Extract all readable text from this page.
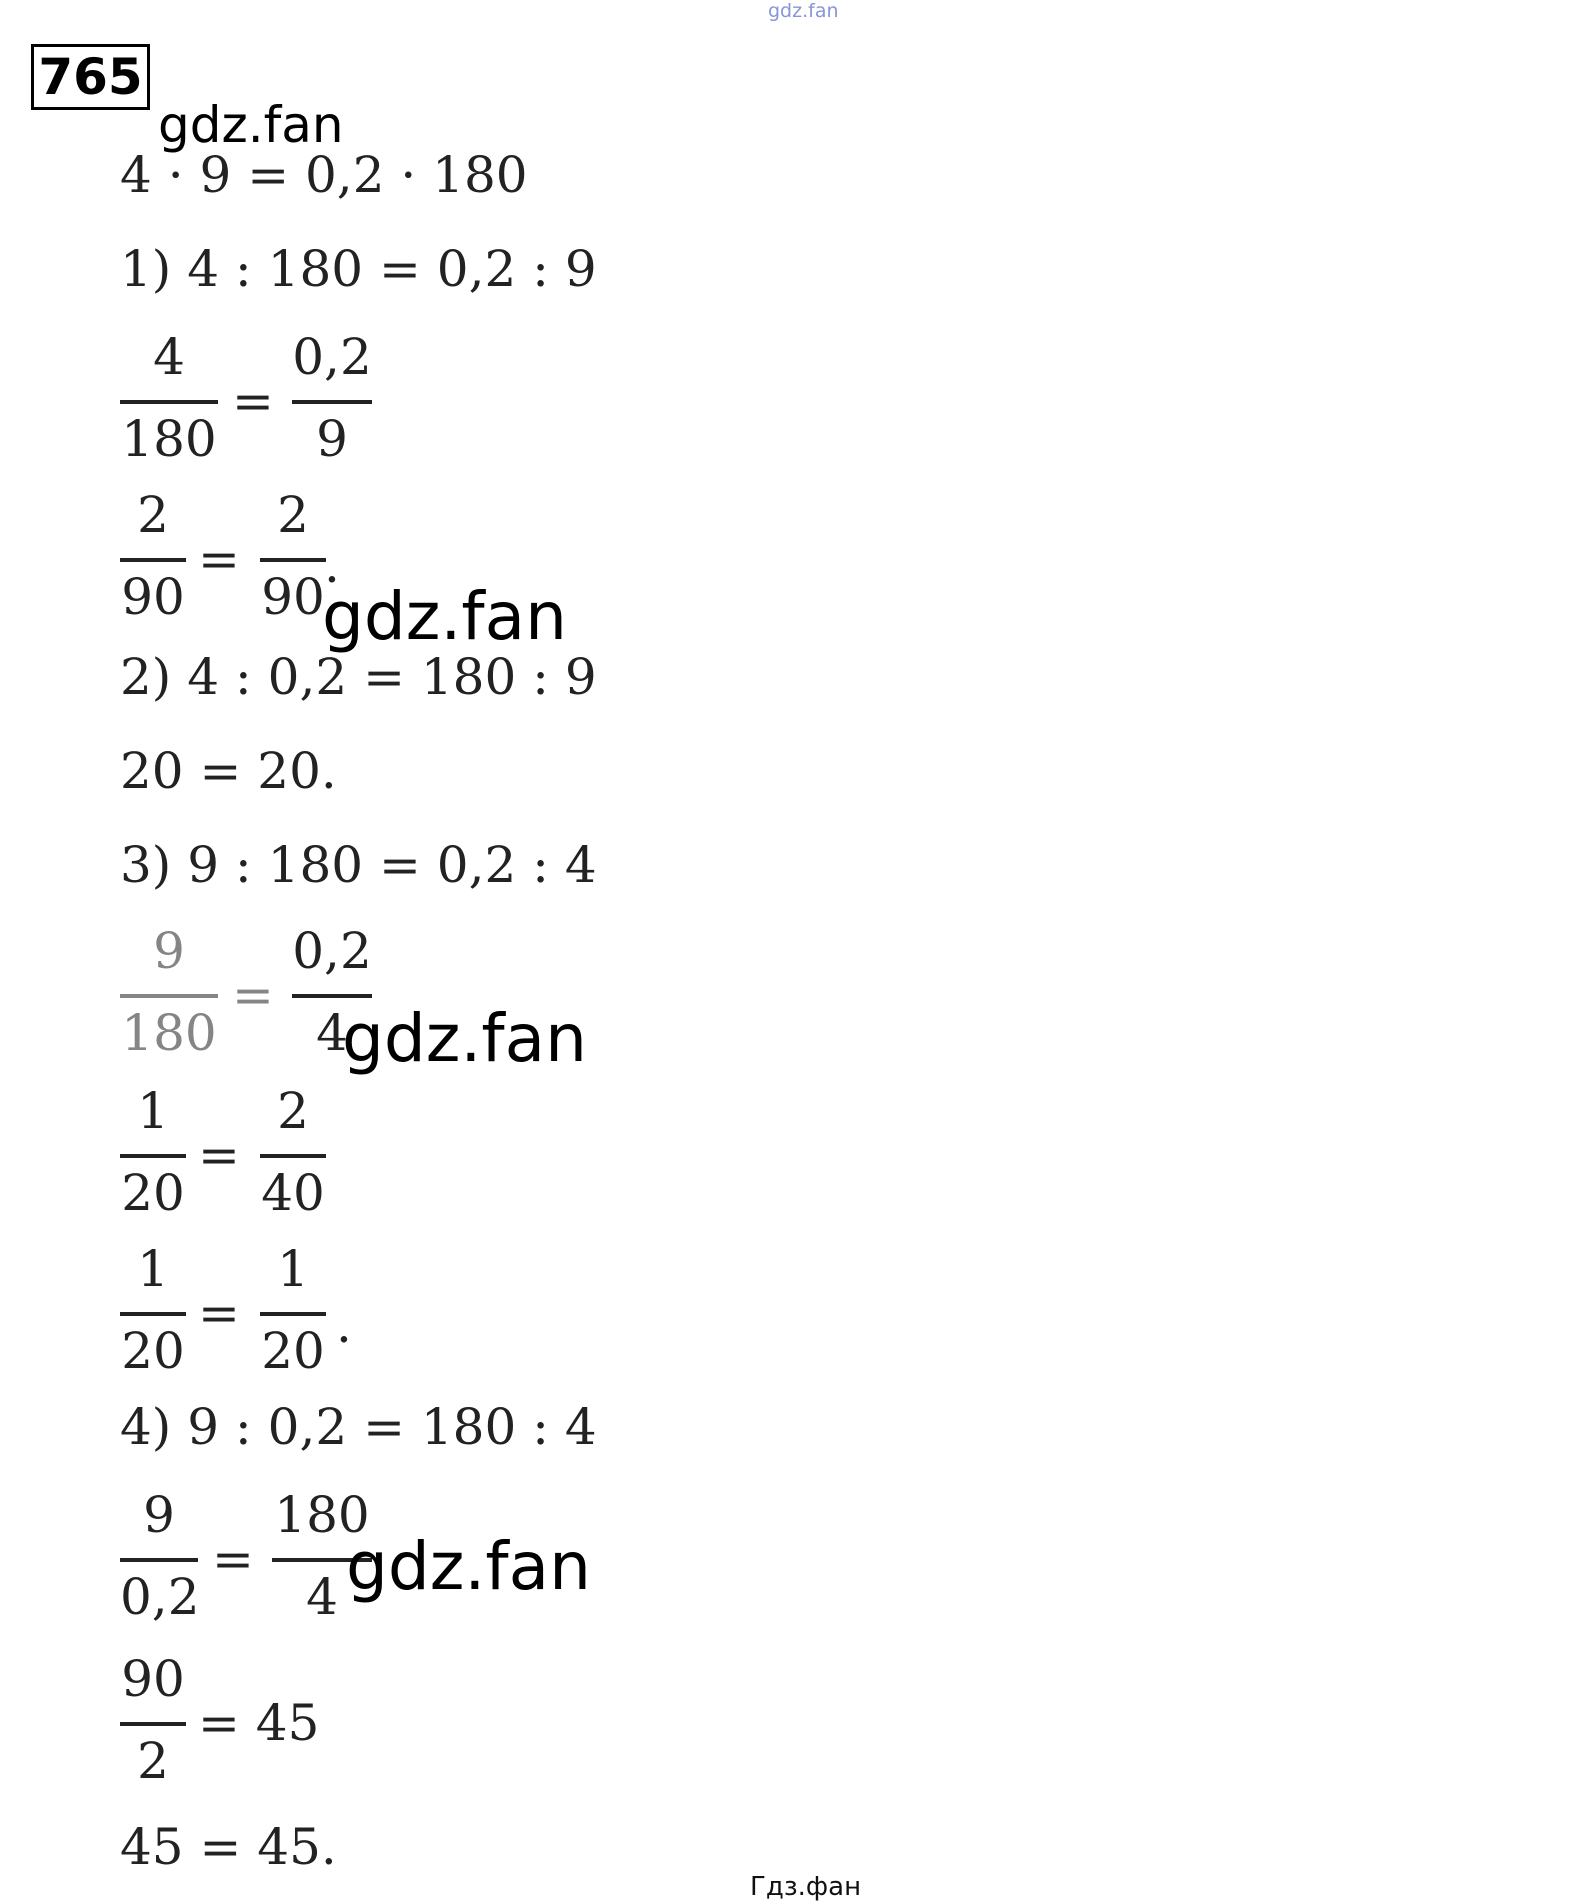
gdz.fan
765
gdz.fan
4 · 9 = 0,2 · 180
1) 4 : 180 = 0,2 : 9
4
180
=
0,2
9
2
90
=
2
90
.
gdz.fan
2) 4 : 0,2 = 180 : 9
20 = 20.
3) 9 : 180 = 0,2 : 4
9
180
=
0,2
4
gdz.fan
1
20
=
2
40
1
20
=
1
20 .
4) 9 : 0,2 = 180 : 4
9
0,2
=
180
4 gdz.fan
90
2
= 45
45 = 45.
Гдз.фан
